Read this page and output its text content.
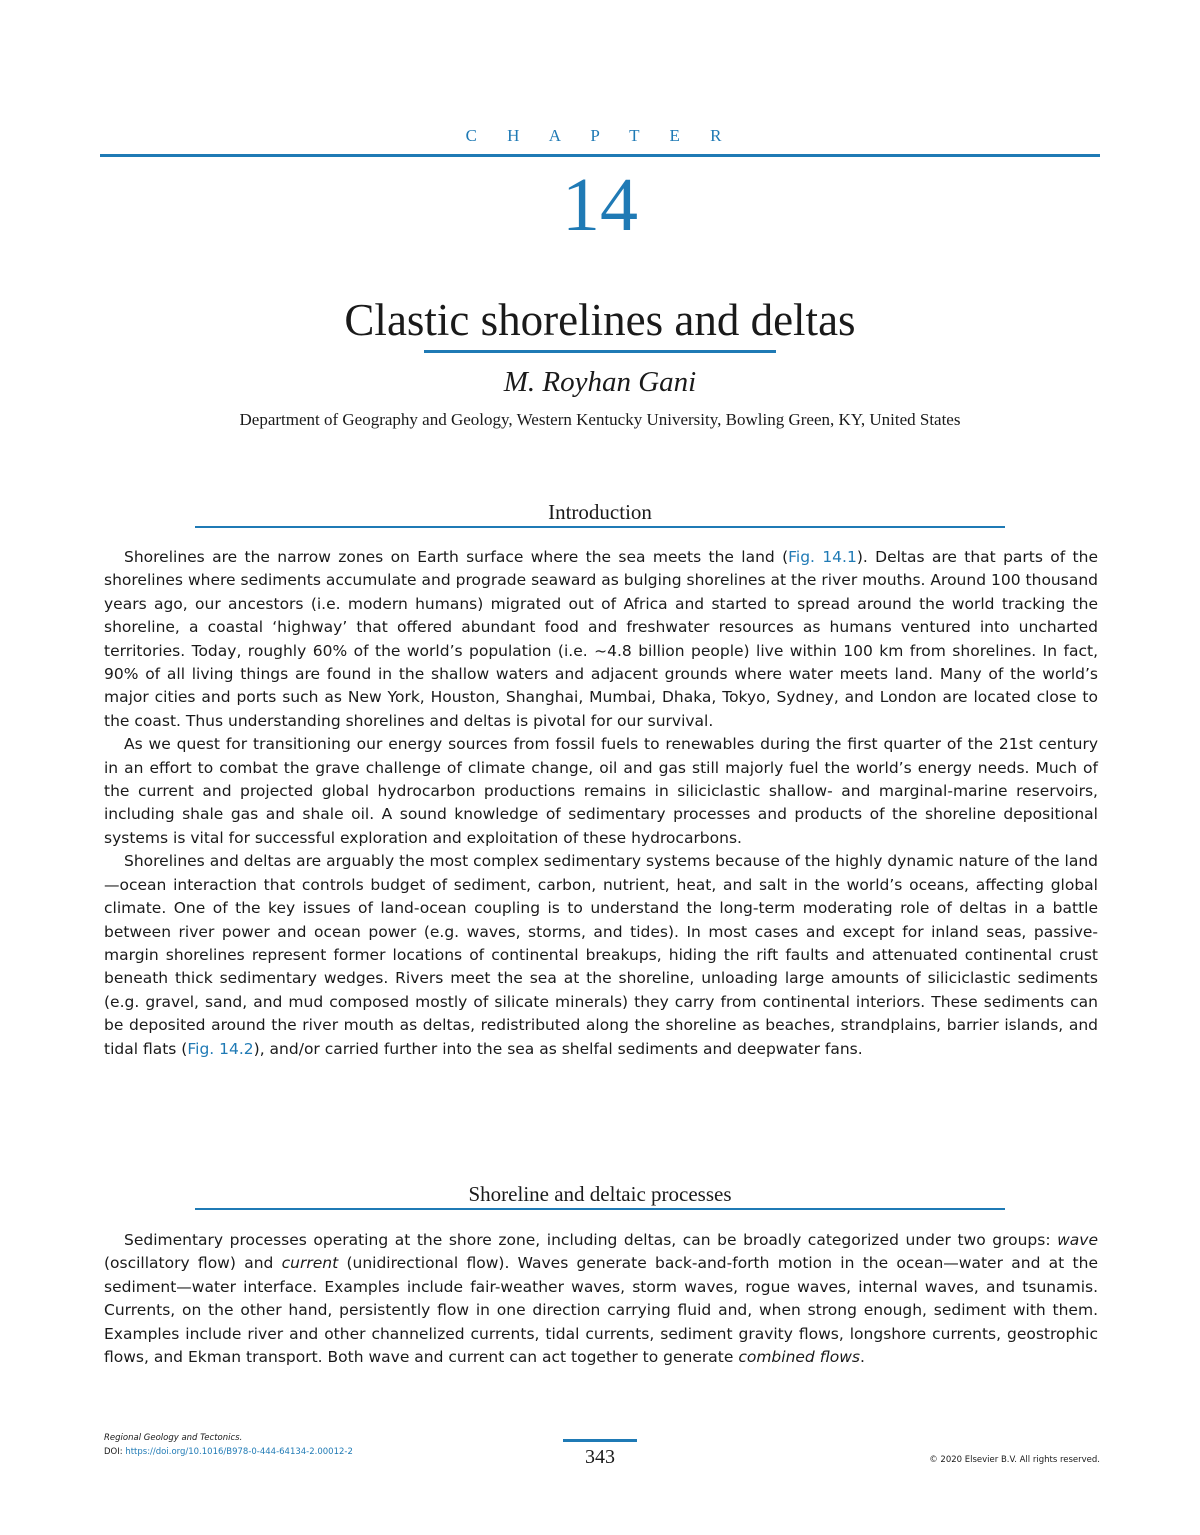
C H A P T E R
14
Clastic shorelines and deltas
M. Royhan Gani
Department of Geography and Geology, Western Kentucky University, Bowling Green, KY, United States
Introduction

Shorelines are the narrow zones on Earth surface where the sea meets the land (Fig. 14.1). Deltas are that parts of the shorelines where sediments accumulate and prograde seaward as bulging shorelines at the river mouths. Around 100 thousand years ago, our ancestors (i.e. modern humans) migrated out of Africa and started to spread around the world tracking the shoreline, a coastal ‘highway’ that offered abundant food and freshwater resources as humans ventured into uncharted territories. Today, roughly 60% of the world’s population (i.e. ~4.8 billion people) live within 100 km from shorelines. In fact, 90% of all living things are found in the shallow waters and adjacent grounds where water meets land. Many of the world’s major cities and ports such as New York, Houston, Shanghai, Mumbai, Dhaka, Tokyo, Sydney, and London are located close to the coast. Thus understanding shorelines and deltas is pivotal for our survival.

As we quest for transitioning our energy sources from fossil fuels to renewables during the first quarter of the 21st century in an effort to combat the grave challenge of climate change, oil and gas still majorly fuel the world’s energy needs. Much of the current and projected global hydrocarbon productions remains in siliciclastic shallow- and marginal-marine reservoirs, including shale gas and shale oil. A sound knowledge of sedimentary processes and products of the shoreline depositional systems is vital for successful exploration and exploitation of these hydrocarbons.

Shorelines and deltas are arguably the most complex sedimentary systems because of the highly dynamic nature of the land—ocean interaction that controls budget of sediment, carbon, nutrient, heat, and salt in the world’s oceans, affecting global climate. One of the key issues of land-ocean coupling is to understand the long-term moderating role of deltas in a battle between river power and ocean power (e.g. waves, storms, and tides). In most cases and except for inland seas, passive-margin shorelines represent former locations of continental breakups, hiding the rift faults and attenuated continental crust beneath thick sedimentary wedges. Rivers meet the sea at the shoreline, unloading large amounts of siliciclastic sediments (e.g. gravel, sand, and mud composed mostly of silicate minerals) they carry from continental interiors. These sediments can be deposited around the river mouth as deltas, redistributed along the shoreline as beaches, strandplains, barrier islands, and tidal flats (Fig. 14.2), and/or carried further into the sea as shelfal sediments and deepwater fans.

Shoreline and deltaic processes

Sedimentary processes operating at the shore zone, including deltas, can be broadly categorized under two groups: wave (oscillatory flow) and current (unidirectional flow). Waves generate back-and-forth motion in the ocean—water and at the sediment—water interface. Examples include fair-weather waves, storm waves, rogue waves, internal waves, and tsunamis. Currents, on the other hand, persistently flow in one direction carrying fluid and, when strong enough, sediment with them. Examples include river and other channelized currents, tidal currents, sediment gravity flows, longshore currents, geostrophic flows, and Ekman transport. Both wave and current can act together to generate combined flows.

Regional Geology and Tectonics.
DOI: https://doi.org/10.1016/B978-0-444-64134-2.00012-2	343	© 2020 Elsevier B.V. All rights reserved.
